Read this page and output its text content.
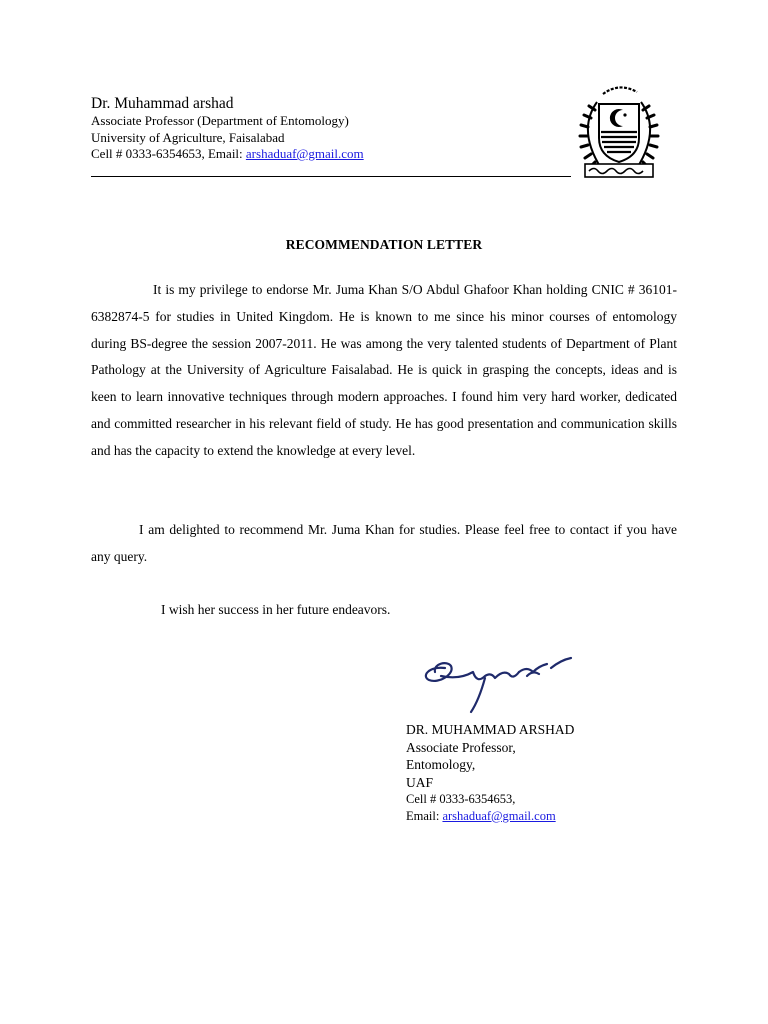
Dr. Muhammad arshad
Associate Professor (Department of Entomology)
University of Agriculture, Faisalabad
Cell # 0333-6354653, Email: arshaduaf@gmail.com
RECOMMENDATION LETTER

It is my privilege to endorse Mr. Juma Khan S/O Abdul Ghafoor Khan holding CNIC # 36101-6382874-5 for studies in United Kingdom. He is known to me since his minor courses of entomology during BS-degree the session 2007-2011. He was among the very talented students of Department of Plant Pathology at the University of Agriculture Faisalabad. He is quick in grasping the concepts, ideas and is keen to learn innovative techniques through modern approaches. I found him very hard worker, dedicated and committed researcher in his relevant field of study. He has good presentation and communication skills and has the capacity to extend the knowledge at every level.

I am delighted to recommend Mr. Juma Khan for studies. Please feel free to contact if you have any query.

I wish her success in her future endeavors.

DR. MUHAMMAD ARSHAD
Associate Professor,
Entomology,
UAF
Cell # 0333-6354653,
Email: arshaduaf@gmail.com
